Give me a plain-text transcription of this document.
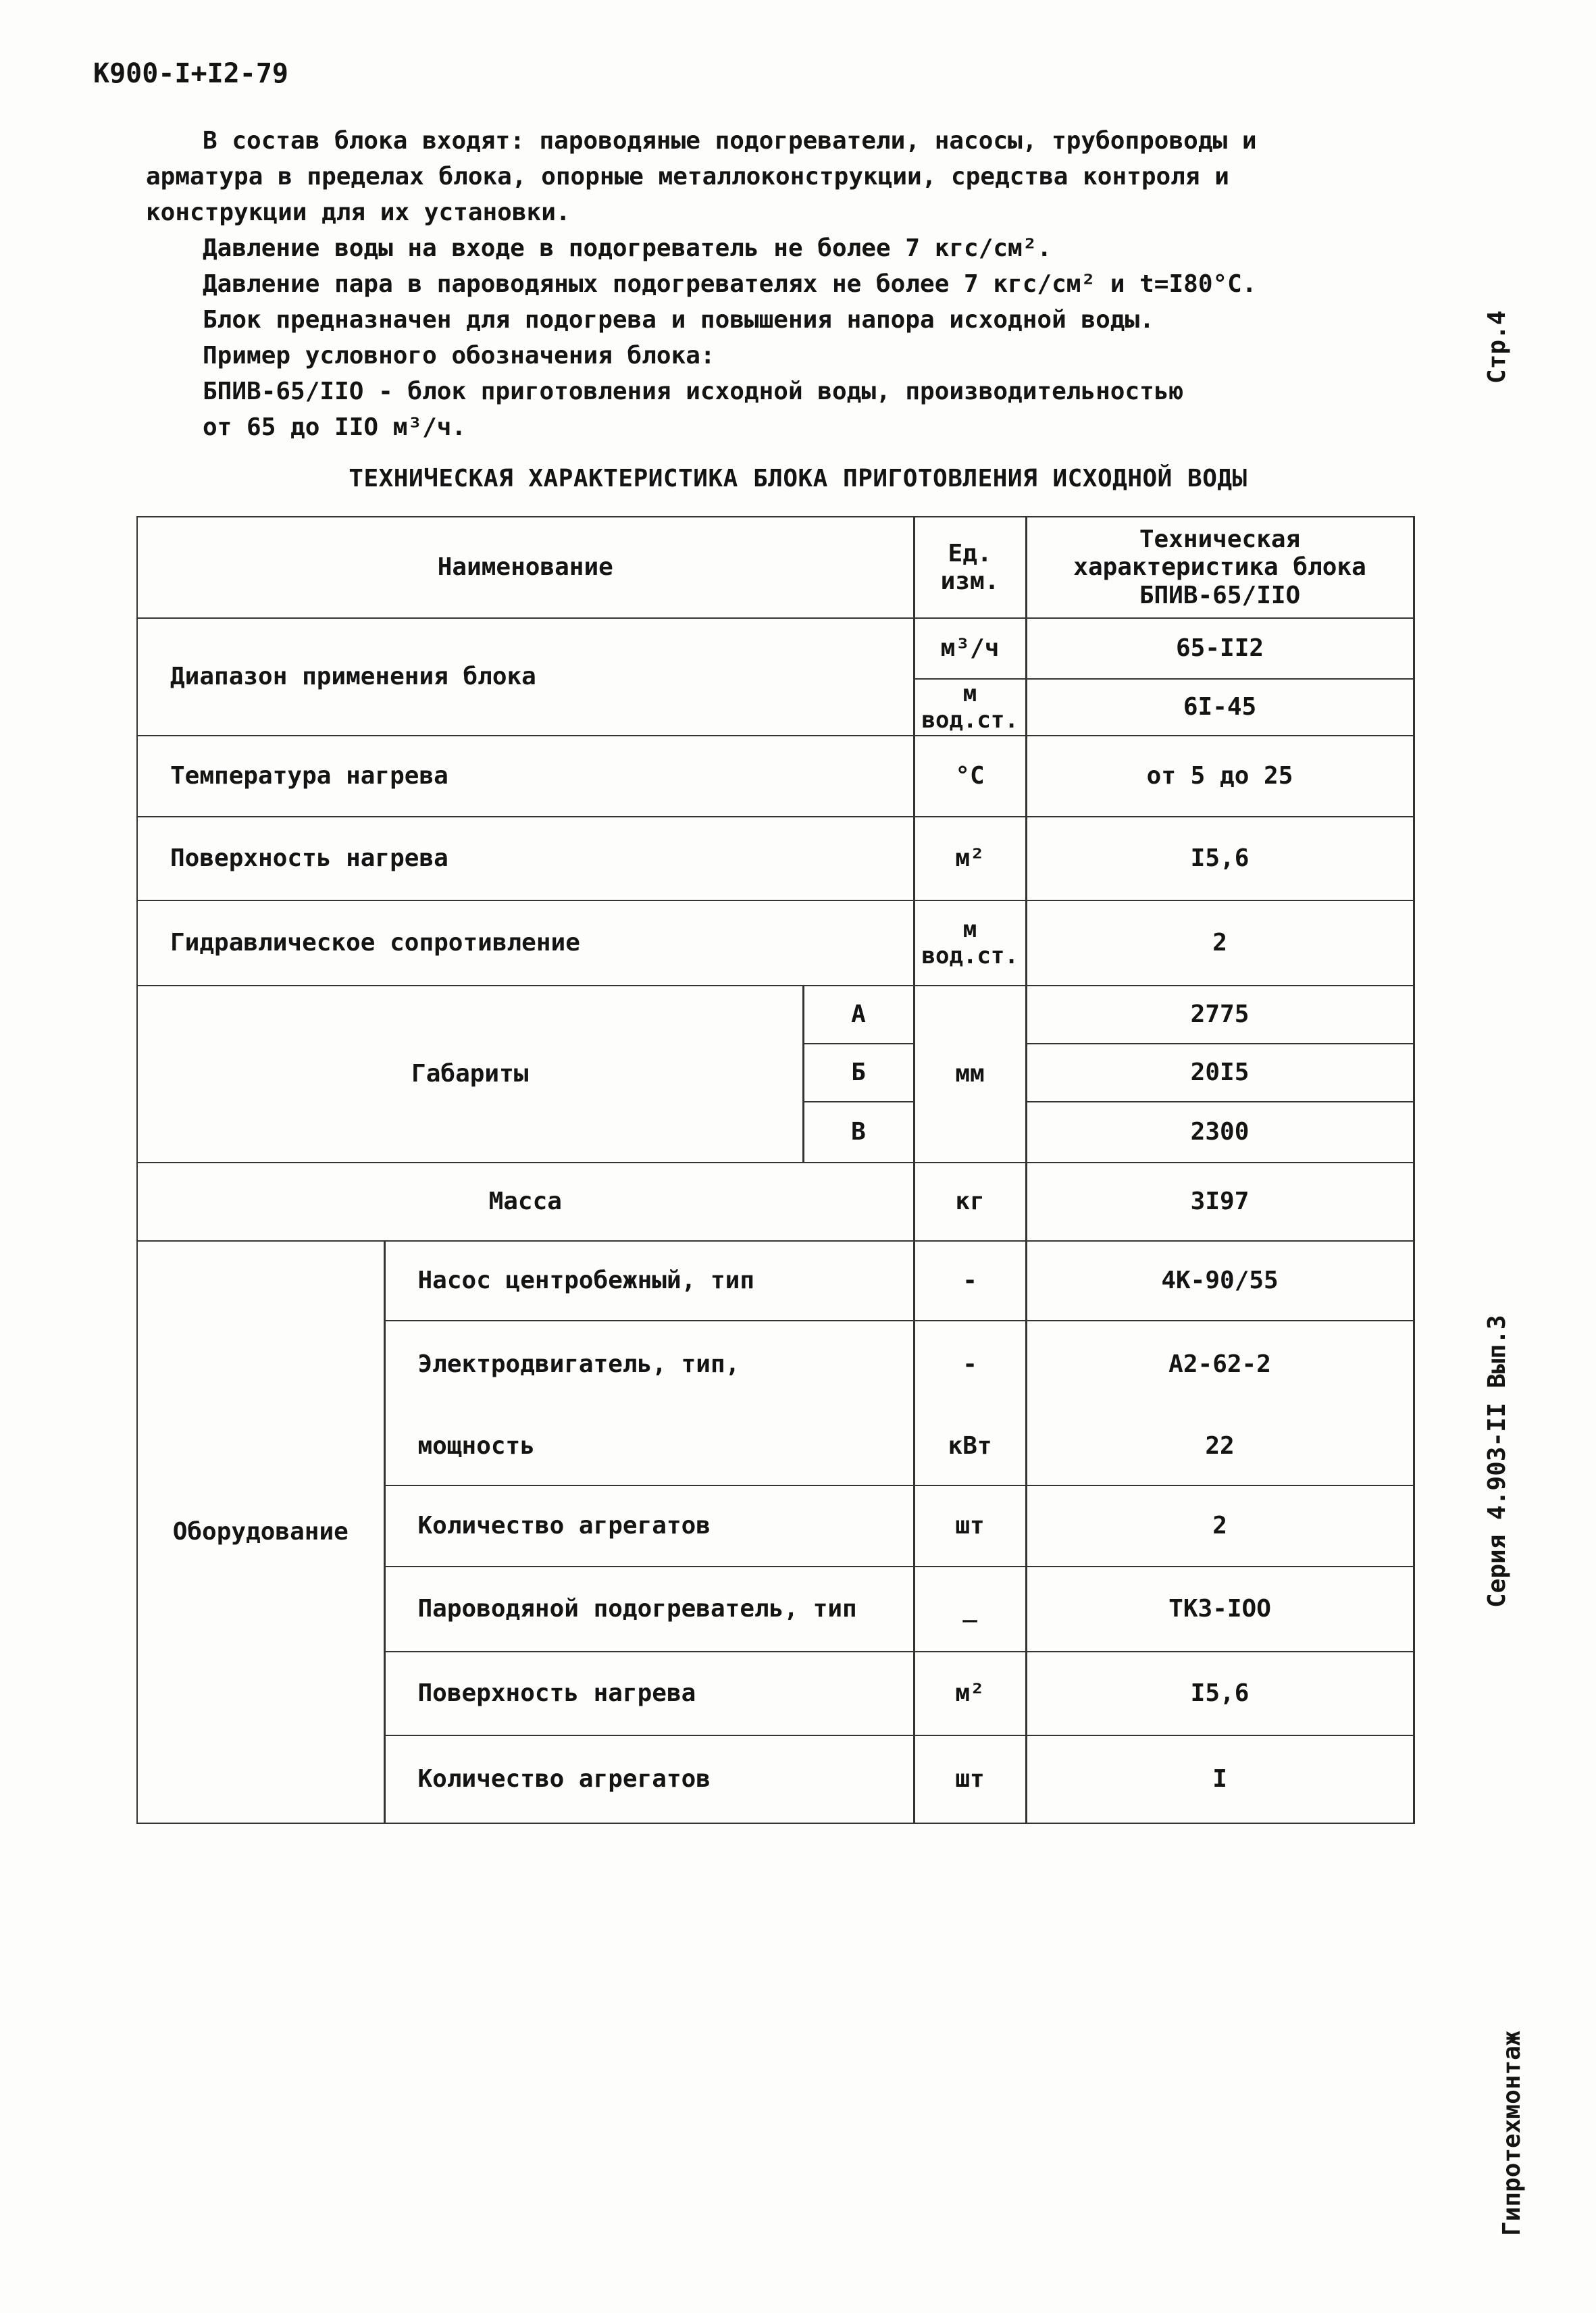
К900-I+I2-79
Стр.4
Серия 4.903-II Вып.3
Гипротехмонтаж

В состав блока входят: пароводяные подогреватели, насосы, трубопроводы и

арматура в пределах блока, опорные металлоконструкции, средства контроля и

конструкции для их установки.

Давление воды на входе в подогреватель не более 7 кгс/см².

Давление пара в пароводяных подогревателях не более 7 кгс/см² и t=I80°C.

Блок предназначен для подогрева и повышения напора исходной воды.

Пример условного обозначения блока:

БПИВ-65/IIO - блок приготовления исходной воды, производительностью

от 65 до IIO м³/ч.

ТЕХНИЧЕСКАЯ ХАРАКТЕРИСТИКА БЛОКА ПРИГОТОВЛЕНИЯ ИСХОДНОЙ ВОДЫ
Наименование			Ед. изм.	Техническая характеристика блока БПИВ-65/IIO
Диапазон применения блока			м³/ч	65-II2
			м вод.ст.	6I-45
Температура нагрева			°C	от 5 до 25
Поверхность нагрева			м²	I5,6
Гидравлическое сопротивление			м вод.ст.	2
Габариты		А	мм	2775
		Б		20I5
		В		2300
Масса			кг	3I97
Оборудование	Насос центробежный, тип		-	4К-90/55
	Электродвигатель, тип,		-	А2-62-2
	мощность		кВт	22
	Количество агрегатов		шт	2
	Пароводяной подогреватель, тип		_	ТКЗ-IOO
	Поверхность нагрева		м²	I5,6
	Количество агрегатов		шт	I
